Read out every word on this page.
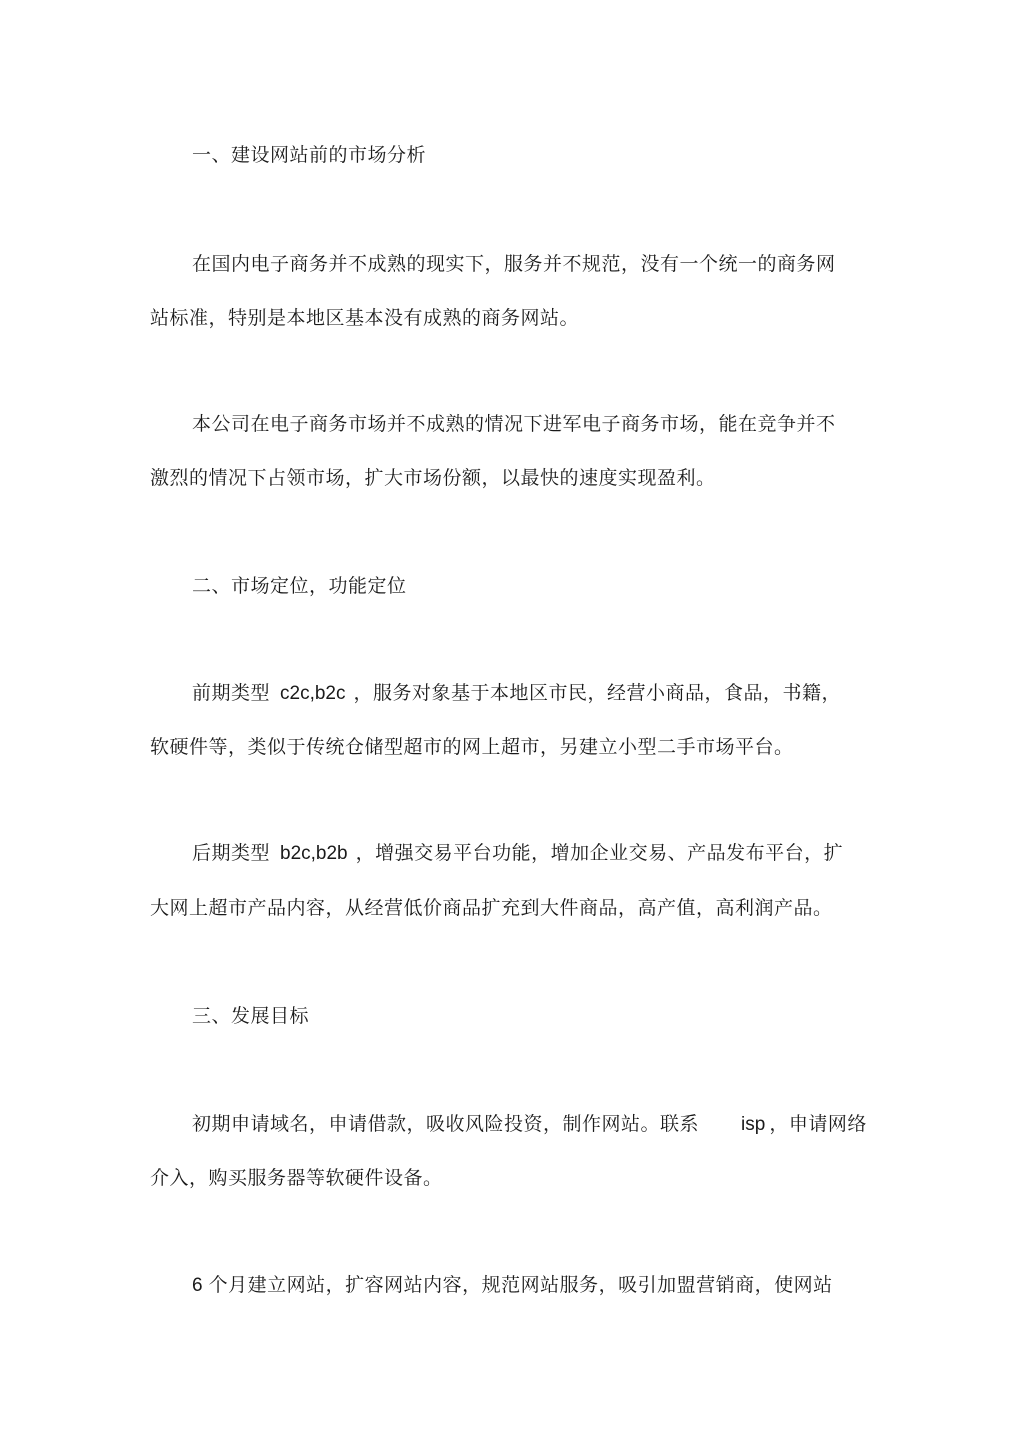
一、建设网站前的市场分析
在国内电子商务并不成熟的现实下，服务并不规范，没有一个统一的商务网
站标准，特别是本地区基本没有成熟的商务网站。
本公司在电子商务市场并不成熟的情况下进军电子商务市场，能在竞争并不
激烈的情况下占领市场，扩大市场份额，以最快的速度实现盈利。
二、市场定位，功能定位
前期类型 c2c,b2c ，服务对象基于本地区市民，经营小商品，食品，书籍，
软硬件等，类似于传统仓储型超市的网上超市，另建立小型二手市场平台。
后期类型 b2c,b2b ，增强交易平台功能，增加企业交易、产品发布平台，扩
大网上超市产品内容，从经营低价商品扩充到大件商品，高产值，高利润产品。
三、发展目标
初期申请域名，申请借款，吸收风险投资，制作网站。联系 isp ，申请网络
介入，购买服务器等软硬件设备。
6 个月建立网站，扩容网站内容，规范网站服务，吸引加盟营销商，使网站
